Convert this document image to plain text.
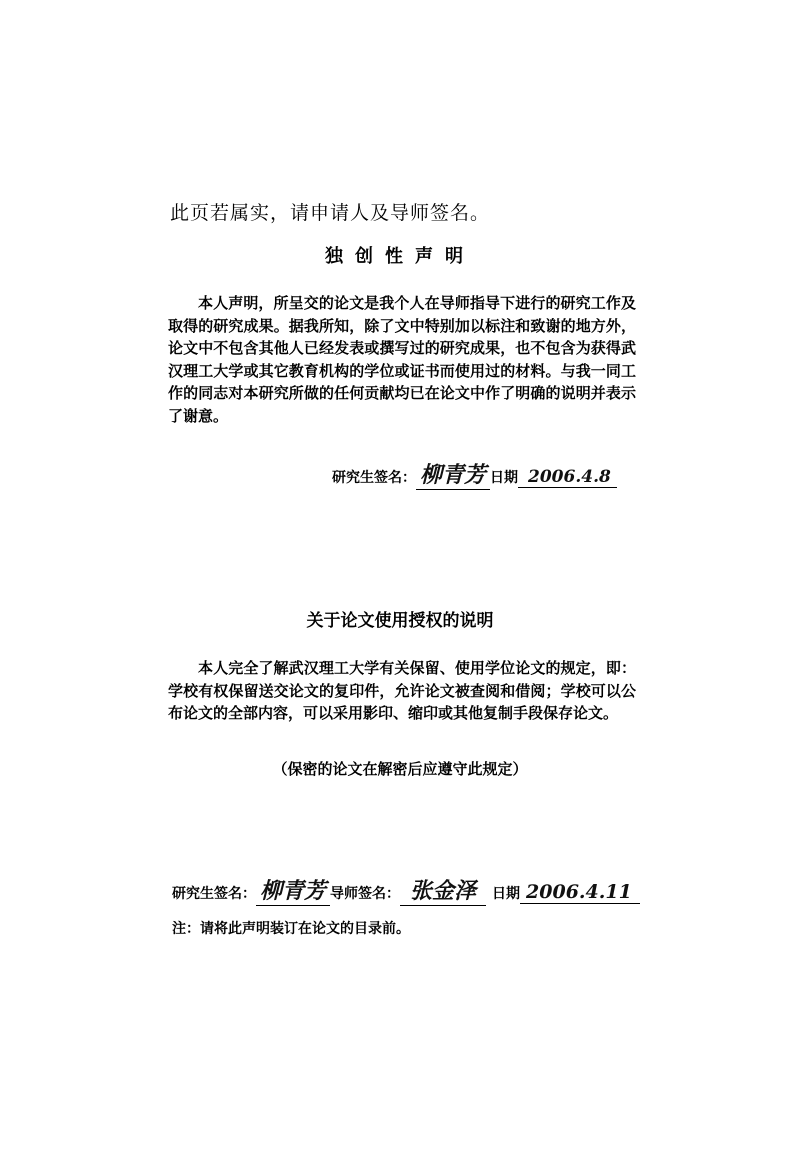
此页若属实，请申请人及导师签名。
独创性声明
本人声明，所呈交的论文是我个人在导师指导下进行的研究工作及取得的研究成果。据我所知，除了文中特别加以标注和致谢的地方外，论文中不包含其他人已经发表或撰写过的研究成果，也不包含为获得武汉理工大学或其它教育机构的学位或证书而使用过的材料。与我一同工作的同志对本研究所做的任何贡献均已在论文中作了明确的说明并表示了谢意。
研究生签名： 柳青芳 日期 2006.4.8
关于论文使用授权的说明
本人完全了解武汉理工大学有关保留、使用学位论文的规定，即：学校有权保留送交论文的复印件，允许论文被查阅和借阅；学校可以公布论文的全部内容，可以采用影印、缩印或其他复制手段保存论文。
（保密的论文在解密后应遵守此规定）
研究生签名： 柳青芳 导师签名： 张金泽 日期 2006.4.11
注：请将此声明装订在论文的目录前。
